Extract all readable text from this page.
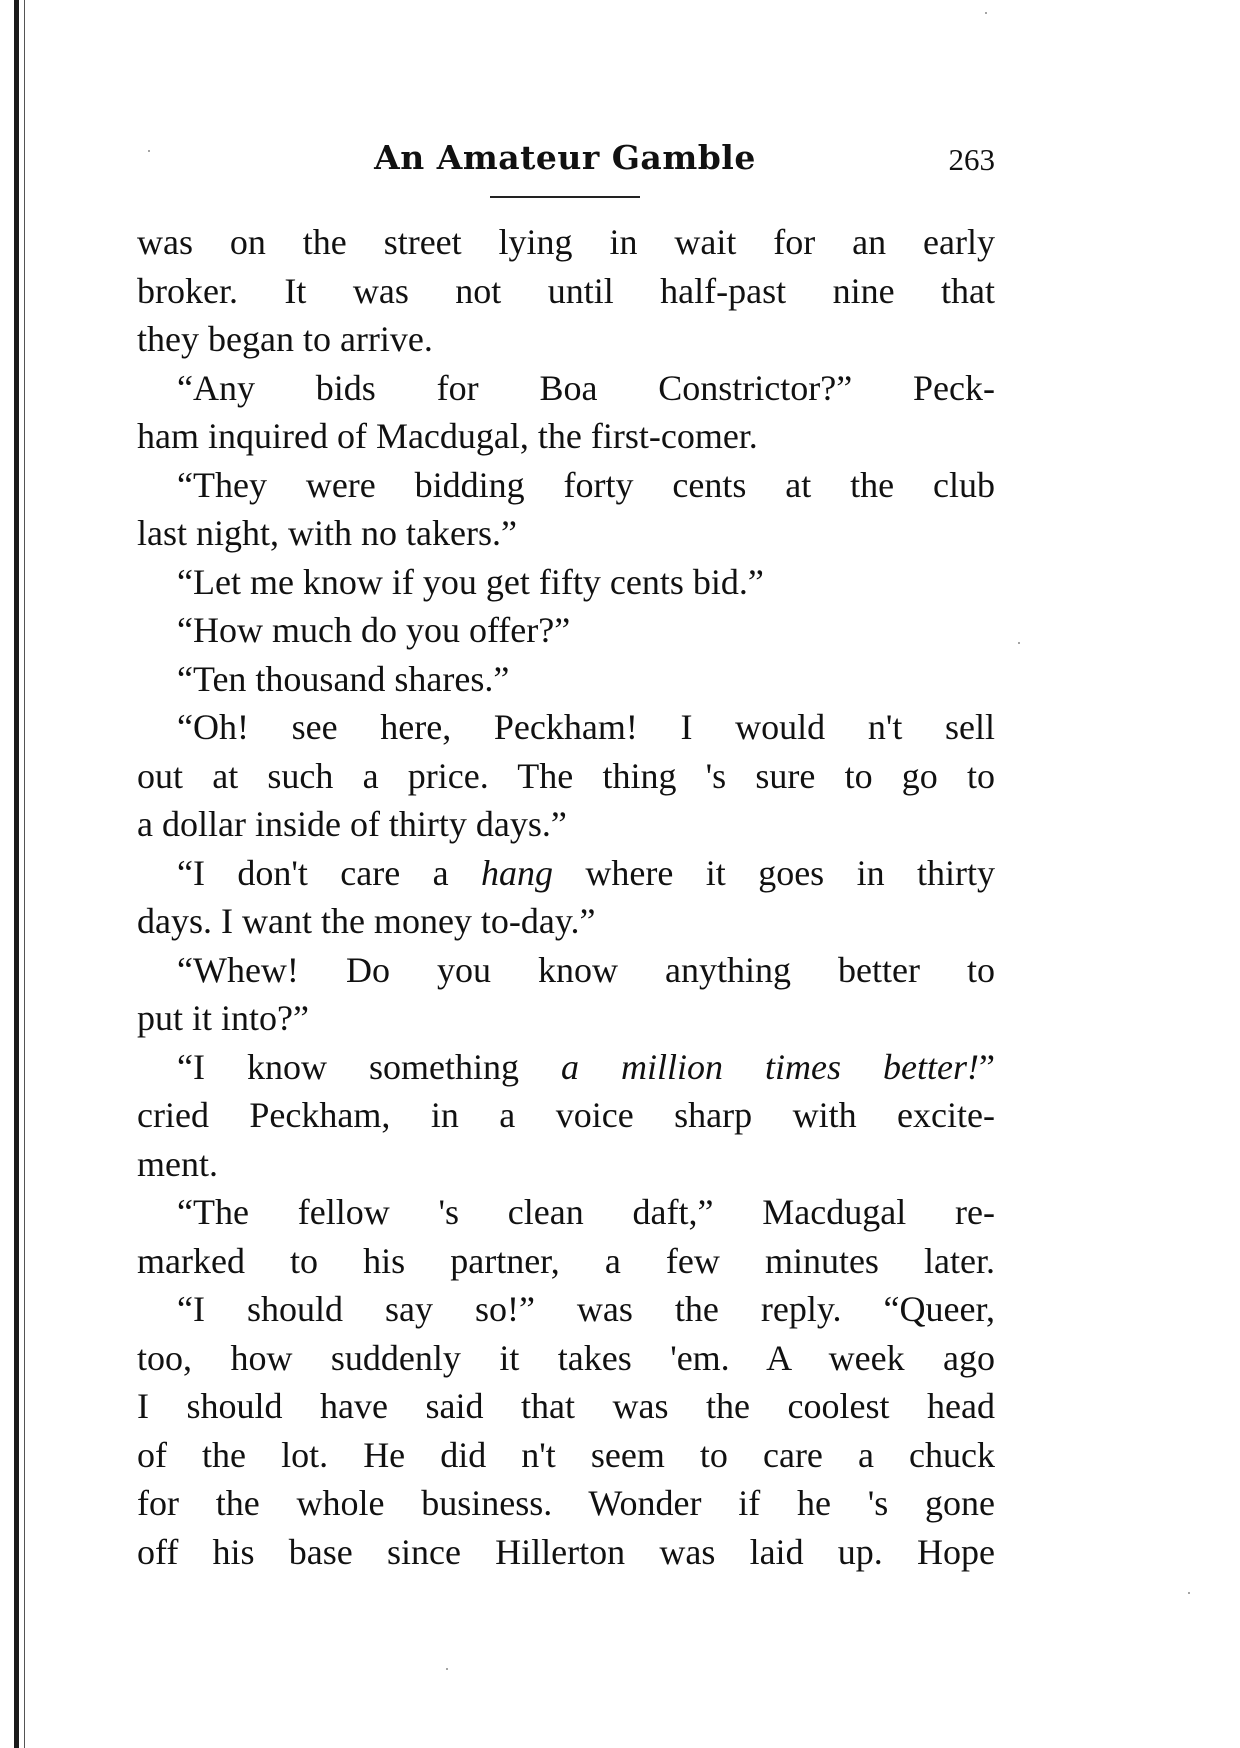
An Amateur Gamble	263
was on the street lying in wait for an early
broker. It was not until half-past nine that
they began to arrive.
“Any bids for Boa Constrictor?” Peck-
ham inquired of Macdugal, the first-comer.
“They were bidding forty cents at the club
last night, with no takers.”
“Let me know if you get fifty cents bid.”
“How much do you offer?”
“Ten thousand shares.”
“Oh! see here, Peckham! I would n't sell
out at such a price. The thing 's sure to go to
a dollar inside of thirty days.”
“I don't care a hang where it goes in thirty
days. I want the money to-day.”
“Whew! Do you know anything better to
put it into?”
“I know something a million times better!”
cried Peckham, in a voice sharp with excite-
ment.
“The fellow 's clean daft,” Macdugal re-
marked to his partner, a few minutes later.
“I should say so!” was the reply. “Queer,
too, how suddenly it takes 'em. A week ago
I should have said that was the coolest head
of the lot. He did n't seem to care a chuck
for the whole business. Wonder if he 's gone
off his base since Hillerton was laid up. Hope
